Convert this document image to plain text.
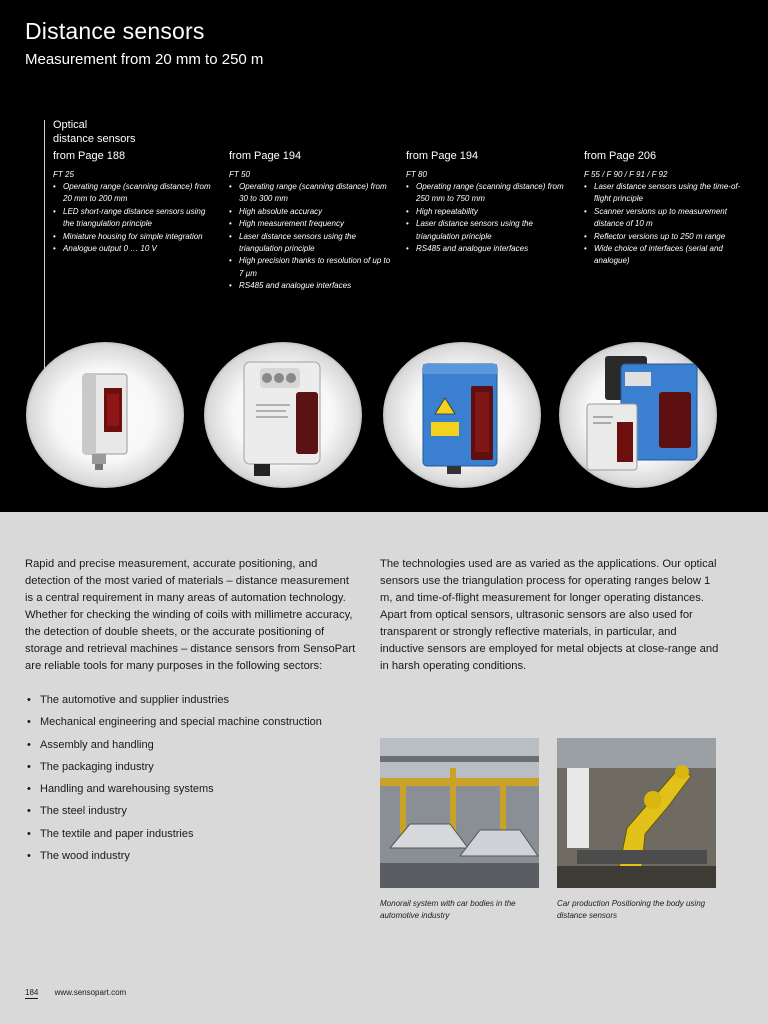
Distance sensors
Measurement from 20 mm to 250 m
Optical
distance sensors
from Page 188
FT 25
• Operating range (scanning distance) from 20 mm to 200 mm
• LED short-range distance sensors using the triangulation principle
• Miniature housing for simple integration
• Analogue output 0 … 10 V
from Page 194
FT 50
• Operating range (scanning distance) from 30 to 300 mm
• High absolute accuracy
• High measurement frequency
• Laser distance sensors using the triangulation principle
• High precision thanks to resolution of up to 7 µm
• RS485 and analogue interfaces
from Page 194
FT 80
• Operating range (scanning distance) from 250 mm to 750 mm
• High repeatability
• Laser distance sensors using the triangulation principle
• RS485 and analogue interfaces
from Page 206
F 55 / F 90 / F 91 / F 92
• Laser distance sensors using the time-of-flight principle
• Scanner versions up to measurement distance of 10 m
• Reflector versions up to 250 m range
• Wide choice of interfaces (serial and analogue)

Rapid and precise measurement, accurate positioning, and detection of the most varied of materials – distance measurement is a central requirement in many areas of automation technology. Whether for checking the winding of coils with millimetre accuracy, the detection of double sheets, or the accurate positioning of storage and retrieval machines – distance sensors from SensoPart are reliable tools for many purposes in the following sectors:

The technologies used are as varied as the applications. Our optical sensors use the triangulation process for operating ranges below 1 m, and time-of-flight measurement for longer operating distances. Apart from optical sensors, ultrasonic sensors are also used for transparent or strongly reflective materials, in particular, and inductive sensors are employed for metal objects at close-range and in harsh operating conditions.

• The automotive and supplier industries
• Mechanical engineering and special machine construction
• Assembly and handling
• The packaging industry
• Handling and warehousing systems
• The steel industry
• The textile and paper industries
• The wood industry
Monorail system with car bodies in the automotive industry
Car production Positioning the body using distance sensors
184 www.sensopart.com
